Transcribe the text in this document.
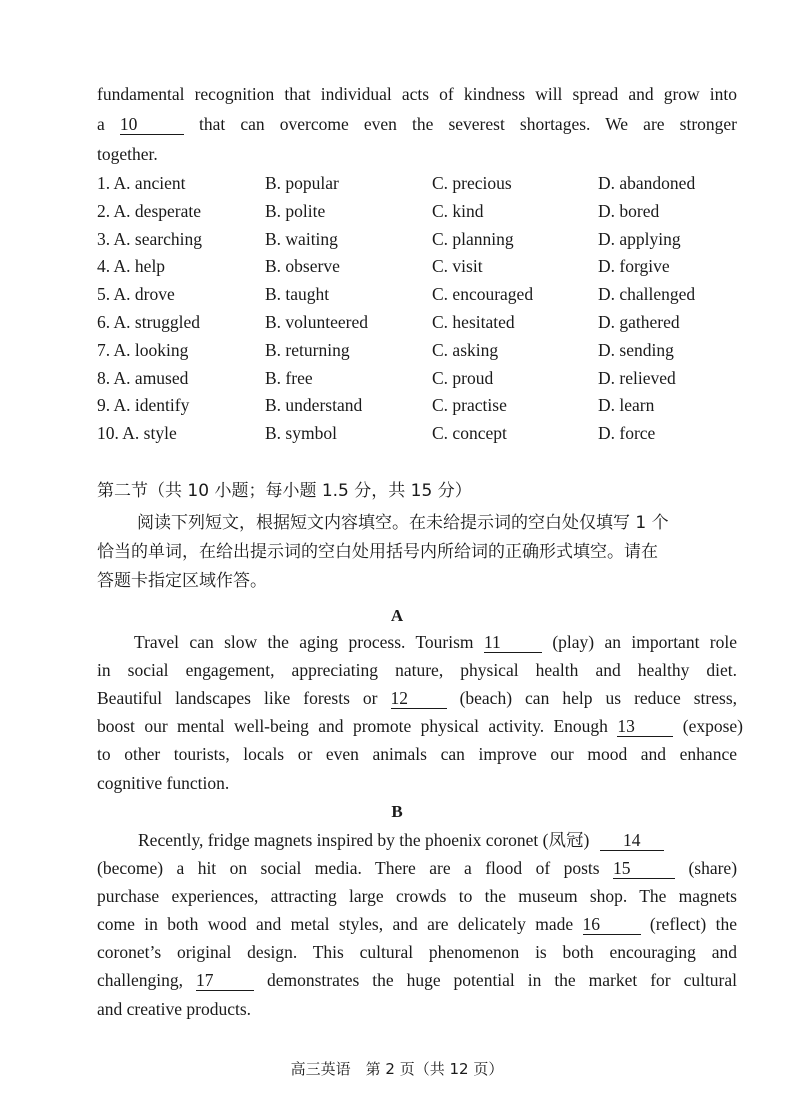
fundamental recognition that individual acts of kindness will spread and grow into
a 10	that can overcome even the severest shortages. We are stronger
together.
1. A. ancient	B. popular	C. precious	D. abandoned
2. A. desperate	B. polite	C. kind	D. bored
3. A. searching	B. waiting	C. planning	D. applying
4. A. help	B. observe	C. visit	D. forgive
5. A. drove	B. taught	C. encouraged	D. challenged
6. A. struggled	B. volunteered	C. hesitated	D. gathered
7. A. looking	B. returning	C. asking	D. sending
8. A. amused	B. free	C. proud	D. relieved
9. A. identify	B. understand	C. practise	D. learn
10. A. style	B. symbol	C. concept	D. force
第二节（共 10 小题；每小题 1.5 分，共 15 分）
阅读下列短文，根据短文内容填空。在未给提示词的空白处仅填写 1 个
恰当的单词，在给出提示词的空白处用括号内所给词的正确形式填空。请在
答题卡指定区域作答。
A
Travel can slow the aging process. Tourism 11	(play) an important role
in social engagement, appreciating nature, physical health and healthy diet.
Beautiful landscapes like forests or 12	(beach) can help us reduce stress,
boost our mental well-being and promote physical activity. Enough 13	(expose)
to other tourists, locals or even animals can improve our mood and enhance
cognitive function.
B
Recently, fridge magnets inspired by the phoenix coronet (凤冠) 14
(become) a hit on social media. There are a flood of posts 15	(share)
purchase experiences, attracting large crowds to the museum shop. The magnets
come in both wood and metal styles, and are delicately made 16	(reflect) the
coronet’s original design. This cultural phenomenon is both encouraging and
challenging, 17	demonstrates the huge potential in the market for cultural
and creative products.
高三英语　第 2 页（共 12 页）
